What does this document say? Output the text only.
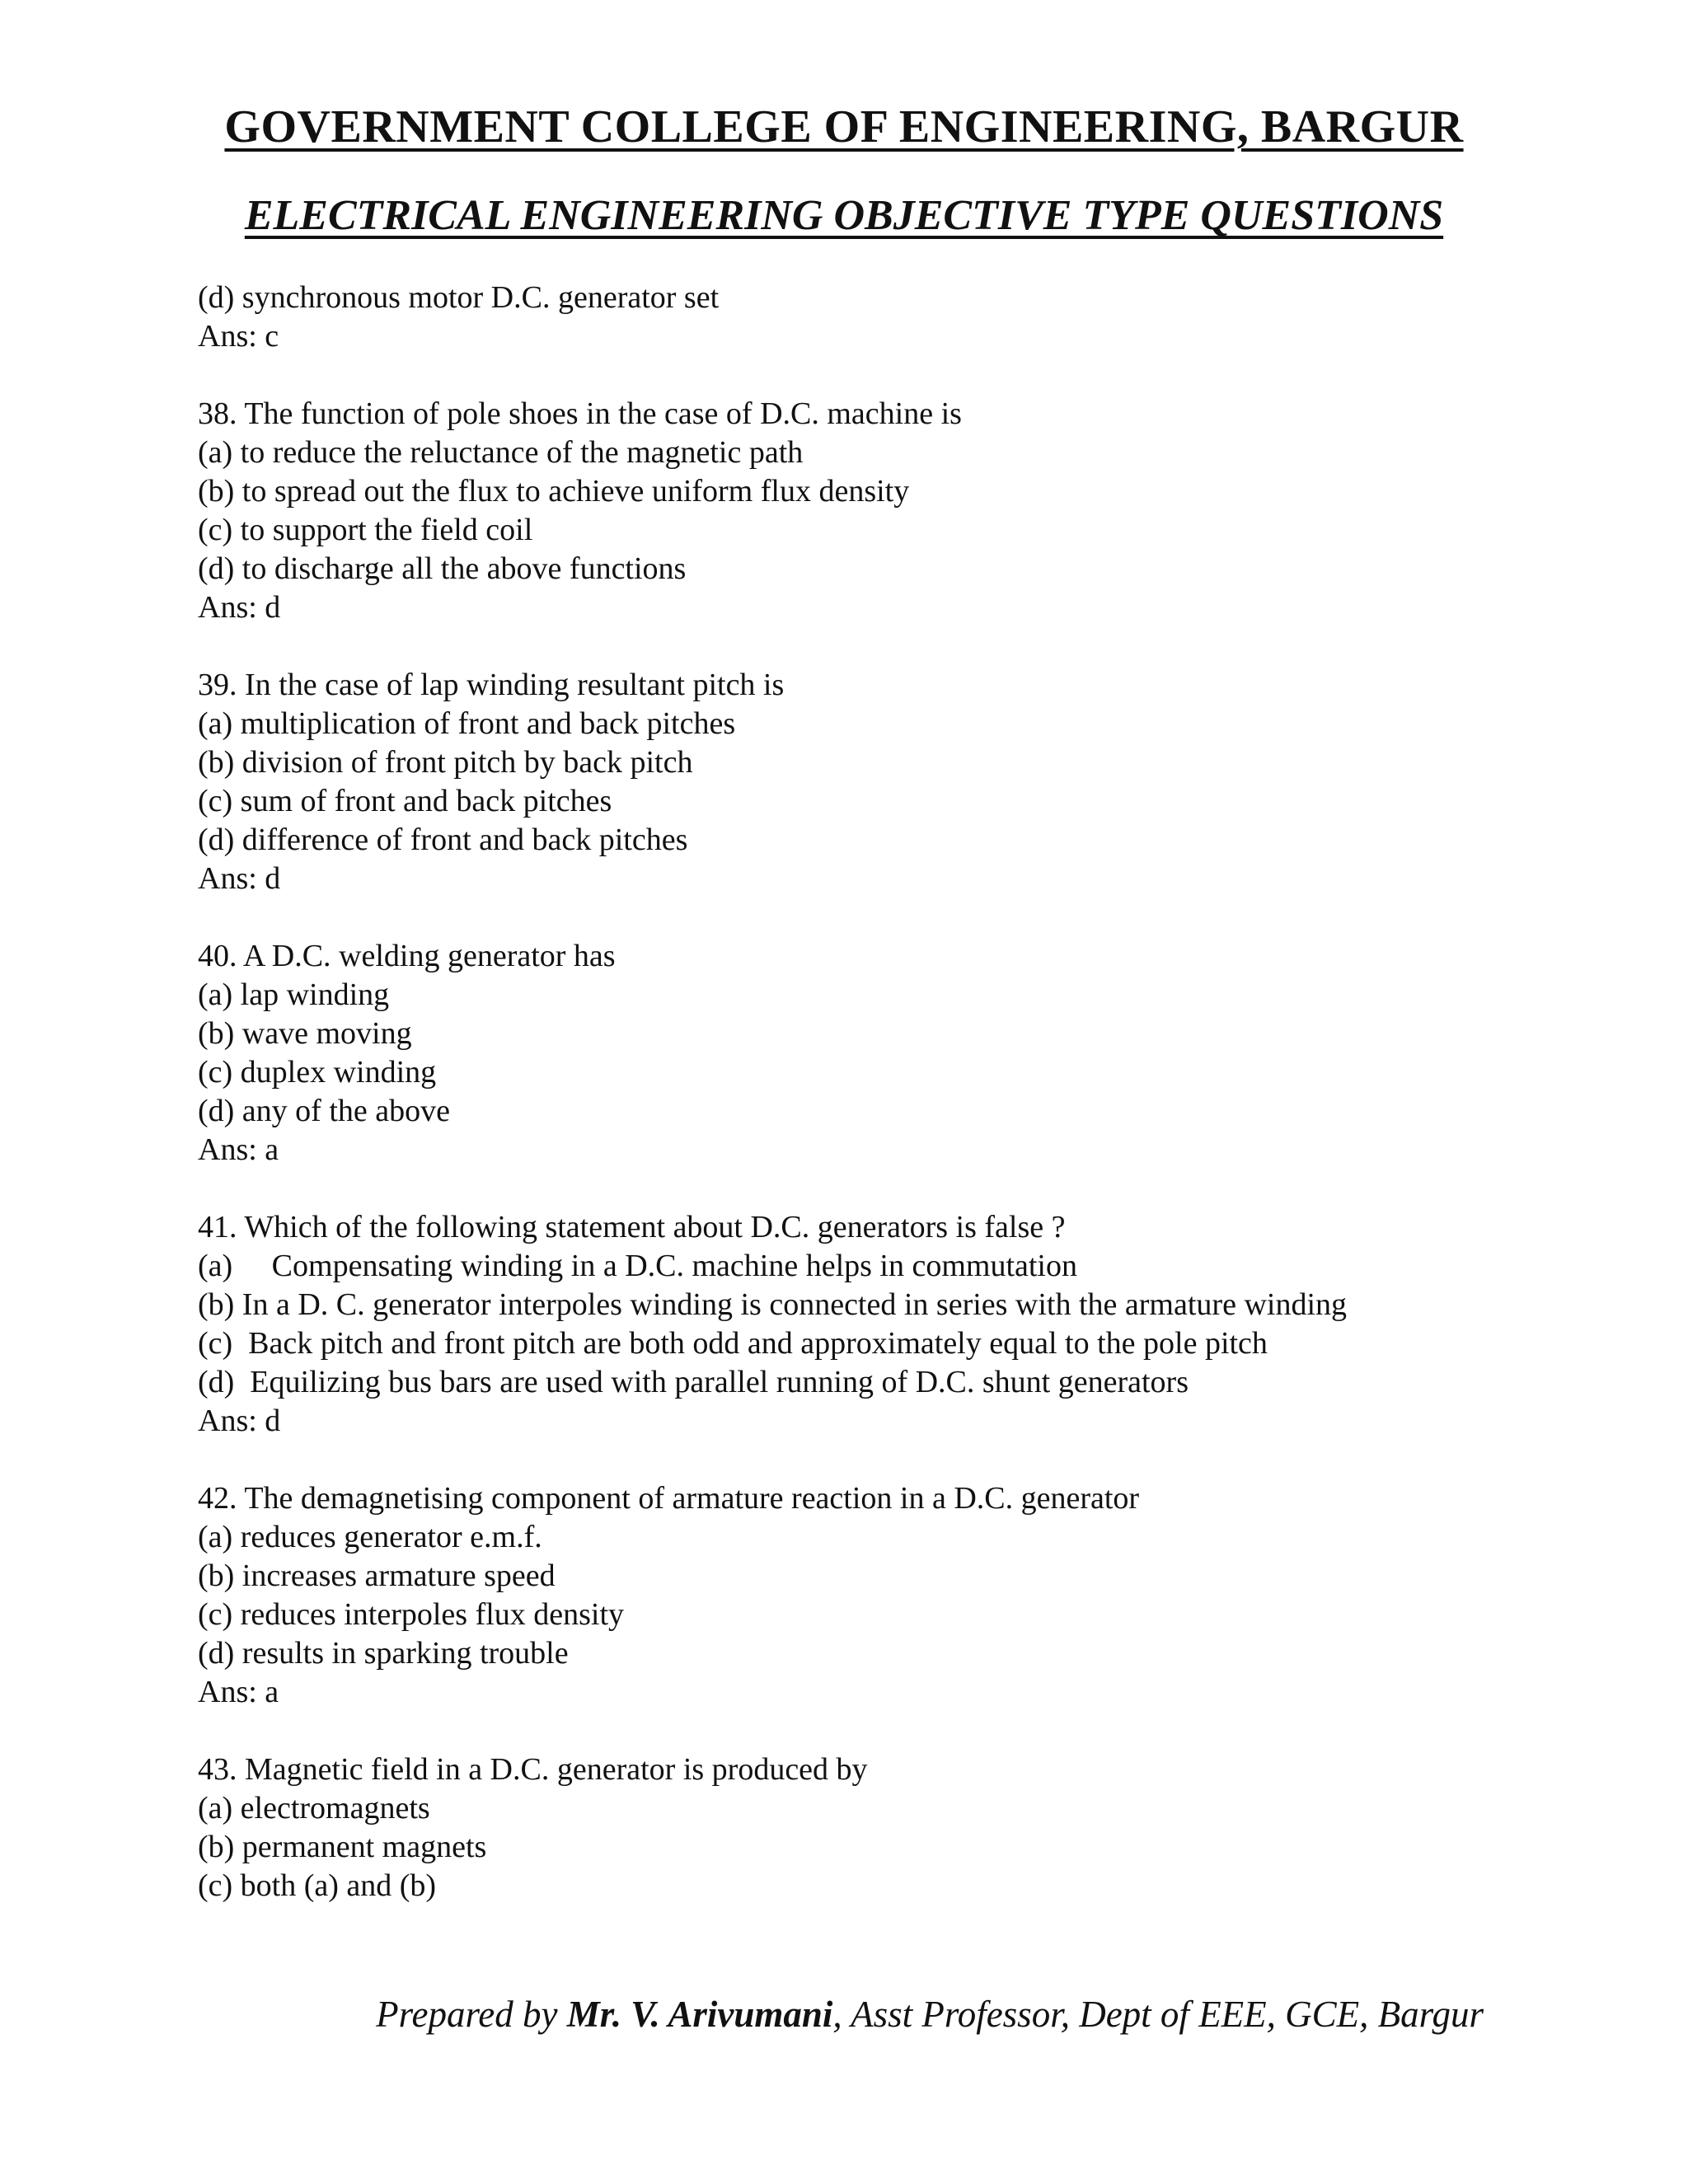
GOVERNMENT COLLEGE OF ENGINEERING, BARGUR
ELECTRICAL ENGINEERING OBJECTIVE TYPE QUESTIONS

(d) synchronous motor D.C. generator set

Ans: c

38. The function of pole shoes in the case of D.C. machine is

(a) to reduce the reluctance of the magnetic path

(b) to spread out the flux to achieve uniform flux density

(c) to support the field coil

(d) to discharge all the above functions

Ans: d

39. In the case of lap winding resultant pitch is

(a) multiplication of front and back pitches

(b) division of front pitch by back pitch

(c) sum of front and back pitches

(d) difference of front and back pitches

Ans: d

40. A D.C. welding generator has

(a) lap winding

(b) wave moving

(c) duplex winding

(d) any of the above

Ans: a

41. Which of the following statement about D.C. generators is false ?

(a)     Compensating winding in a D.C. machine helps in commutation

(b) In a D. C. generator interpoles winding is connected in series with the armature winding

(c)  Back pitch and front pitch are both odd and approximately equal to the pole pitch

(d)  Equilizing bus bars are used with parallel running of D.C. shunt generators

Ans: d

42. The demagnetising component of armature reaction in a D.C. generator

(a) reduces generator e.m.f.

(b) increases armature speed

(c) reduces interpoles flux density

(d) results in sparking trouble

Ans: a

43. Magnetic field in a D.C. generator is produced by

(a) electromagnets

(b) permanent magnets

(c) both (a) and (b)

Prepared by Mr. V. Arivumani, Asst Professor, Dept of EEE, GCE, Bargur
